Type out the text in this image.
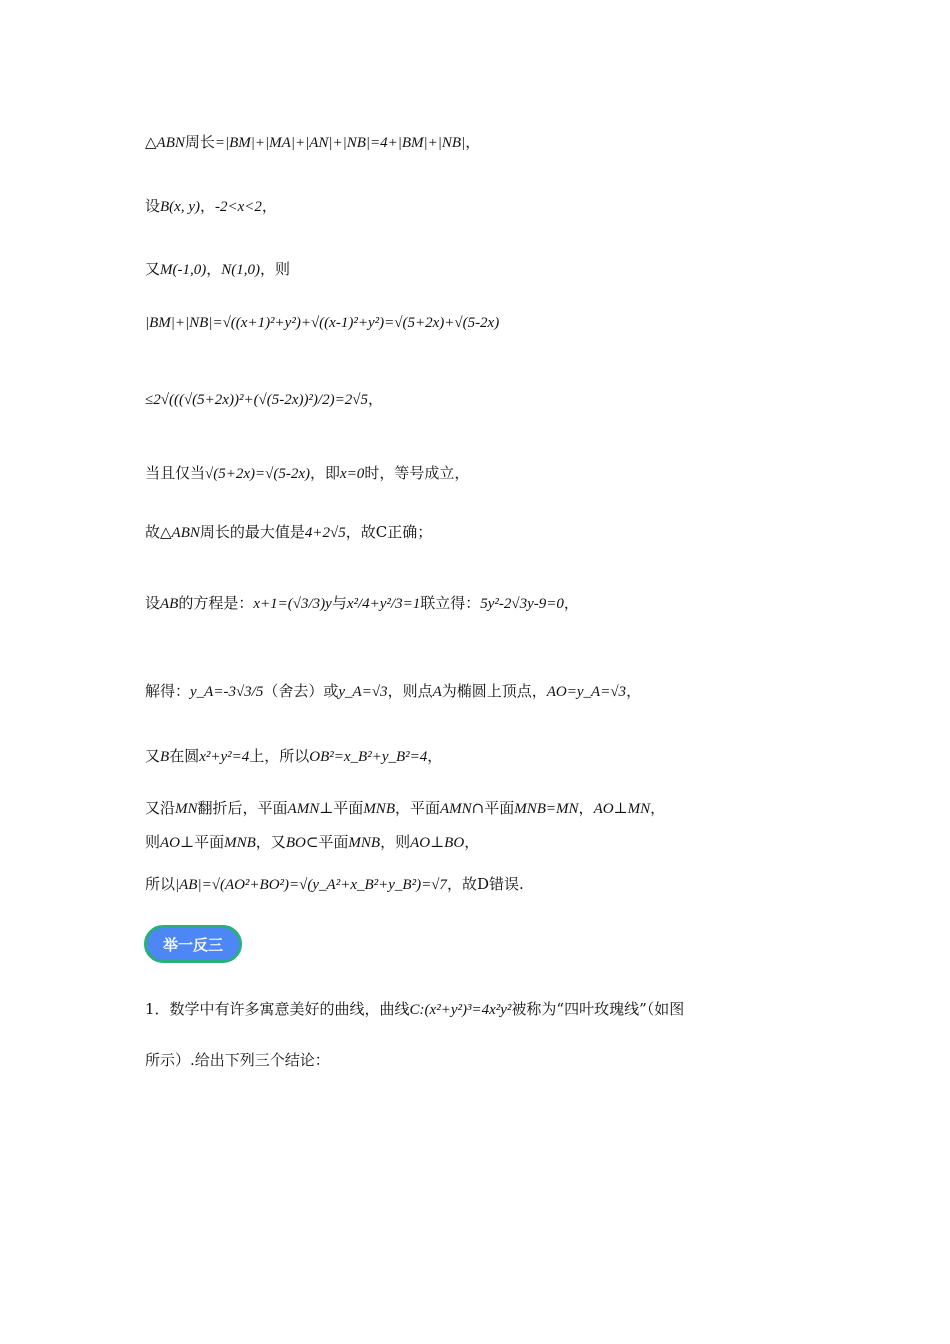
△ABN周长=|BM|+|MA|+|AN|+|NB|=4+|BM|+|NB|，
设B(x, y)，-2<x<2，
又M(-1,0)，N(1,0)，则
|BM|+|NB|=√((x+1)²+y²)+√((x-1)²+y²)=√(5+2x)+√(5-2x)
≤2√(((√(5+2x))²+(√(5-2x))²)/2)=2√5，
当且仅当√(5+2x)=√(5-2x)，即x=0时，等号成立，
故△ABN周长的最大值是4+2√5，故C正确；
设AB的方程是：x+1=(√3/3)y与x²/4+y²/3=1联立得：5y²-2√3y-9=0，
解得：y_A=-3√3/5（舍去）或y_A=√3，则点A为椭圆上顶点，AO=y_A=√3，
又B在圆x²+y²=4上，所以OB²=x_B²+y_B²=4，
又沿MN翻折后，平面AMN⊥平面MNB，平面AMN∩平面MNB=MN，AO⊥MN，
则AO⊥平面MNB，又BO⊂平面MNB，则AO⊥BO，
所以|AB|=√(AO²+BO²)=√(y_A²+x_B²+y_B²)=√7，故D错误.
举一反三
1．数学中有许多寓意美好的曲线，曲线C:(x²+y²)³=4x²y²被称为“四叶玫瑰线”（如图
所示）.给出下列三个结论：
